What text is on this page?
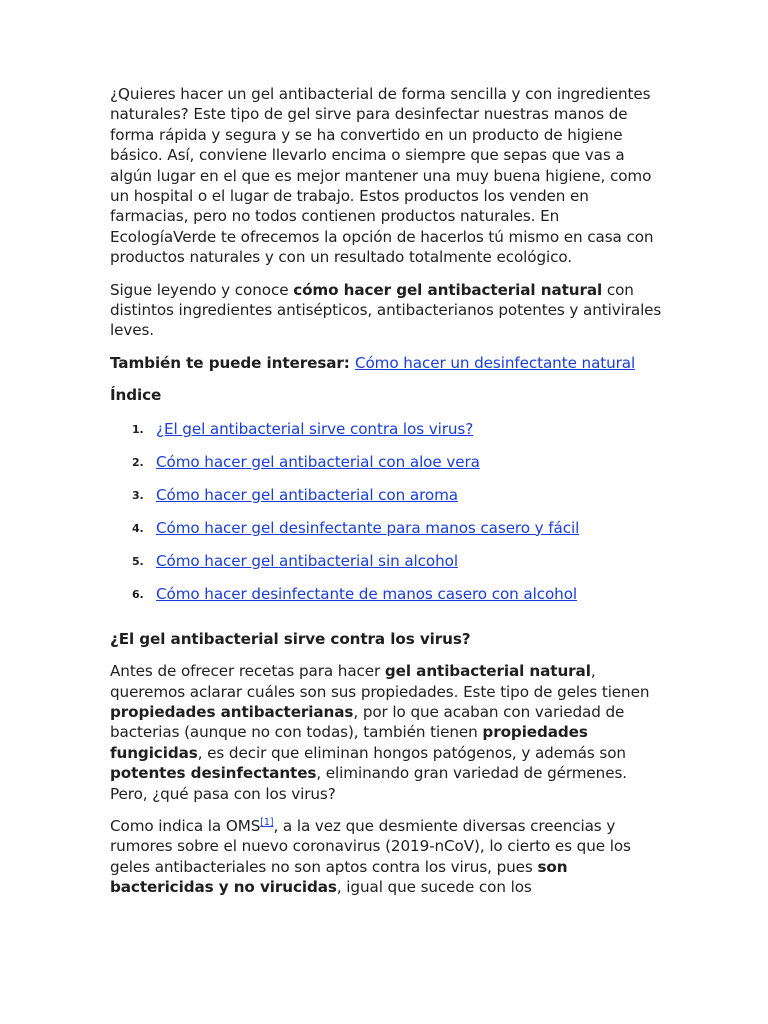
¿Quieres hacer un gel antibacterial de forma sencilla y con ingredientes naturales? Este tipo de gel sirve para desinfectar nuestras manos de forma rápida y segura y se ha convertido en un producto de higiene básico. Así, conviene llevarlo encima o siempre que sepas que vas a algún lugar en el que es mejor mantener una muy buena higiene, como un hospital o el lugar de trabajo. Estos productos los venden en farmacias, pero no todos contienen productos naturales. En EcologíaVerde te ofrecemos la opción de hacerlos tú mismo en casa con productos naturales y con un resultado totalmente ecológico.

Sigue leyendo y conoce cómo hacer gel antibacterial natural con distintos ingredientes antisépticos, antibacterianos potentes y antivirales leves.

También te puede interesar: Cómo hacer un desinfectante natural

Índice

1. ¿El gel antibacterial sirve contra los virus?
2. Cómo hacer gel antibacterial con aloe vera
3. Cómo hacer gel antibacterial con aroma
4. Cómo hacer gel desinfectante para manos casero y fácil
5. Cómo hacer gel antibacterial sin alcohol
6. Cómo hacer desinfectante de manos casero con alcohol
¿El gel antibacterial sirve contra los virus?

Antes de ofrecer recetas para hacer gel antibacterial natural, queremos aclarar cuáles son sus propiedades. Este tipo de geles tienen propiedades antibacterianas, por lo que acaban con variedad de bacterias (aunque no con todas), también tienen propiedades fungicidas, es decir que eliminan hongos patógenos, y además son potentes desinfectantes, eliminando gran variedad de gérmenes. Pero, ¿qué pasa con los virus?

Como indica la OMS[1], a la vez que desmiente diversas creencias y rumores sobre el nuevo coronavirus (2019-nCoV), lo cierto es que los geles antibacteriales no son aptos contra los virus, pues son bactericidas y no virucidas, igual que sucede con los
